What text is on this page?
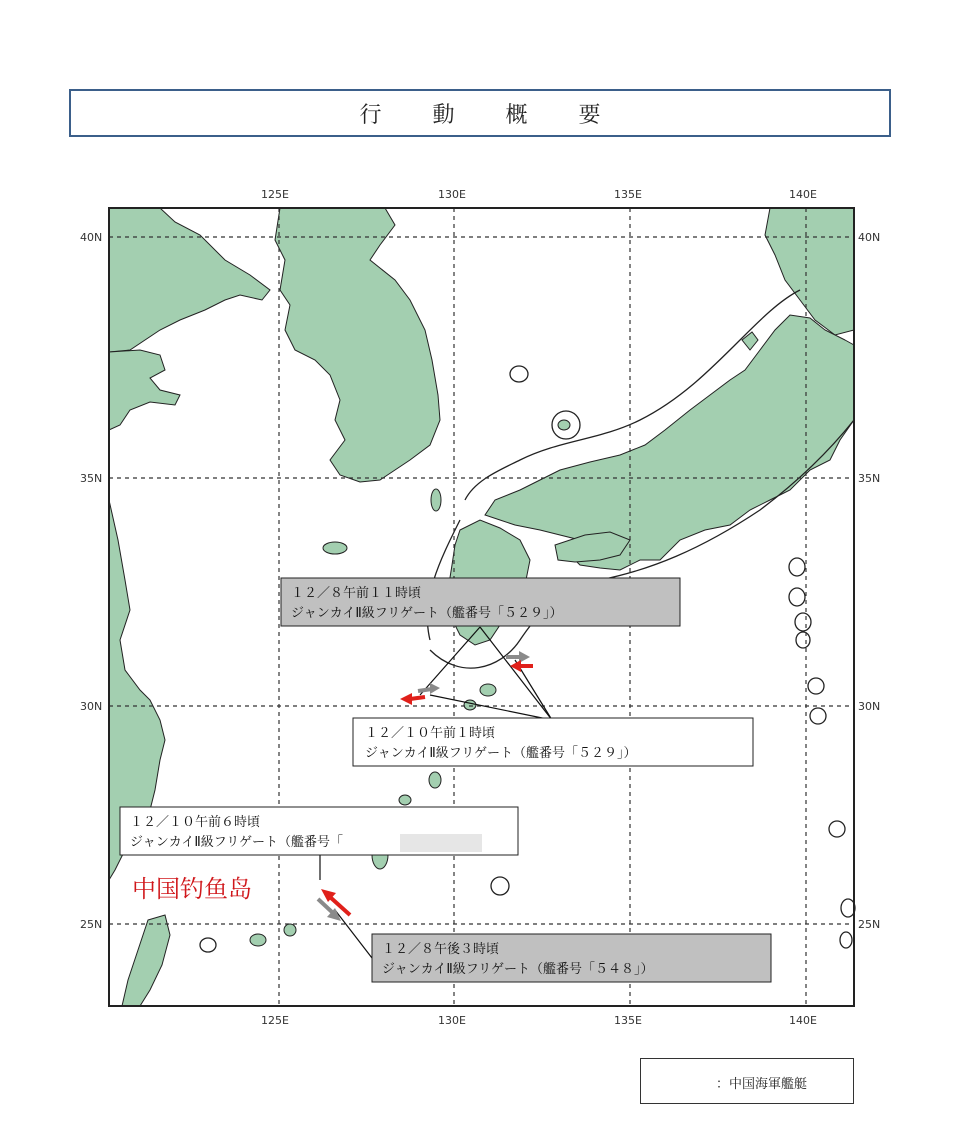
行 動 概 要
125E	130E	135E	140E
125E	130E	135E	140E
40N
35N
30N
25N
40N
35N
30N
25N
１２／８午前１１時頃
ジャンカイⅡ級フリゲート（艦番号「５２９」）
１２／１０午前１時頃
ジャンカイⅡ級フリゲート（艦番号「５２９」）
１２／１０午前６時頃
ジャンカイⅡ級フリゲート（艦番号「
１２／８午後３時頃
ジャンカイⅡ級フリゲート（艦番号「５４８」）
中国钓鱼岛
：中国海軍艦艇
